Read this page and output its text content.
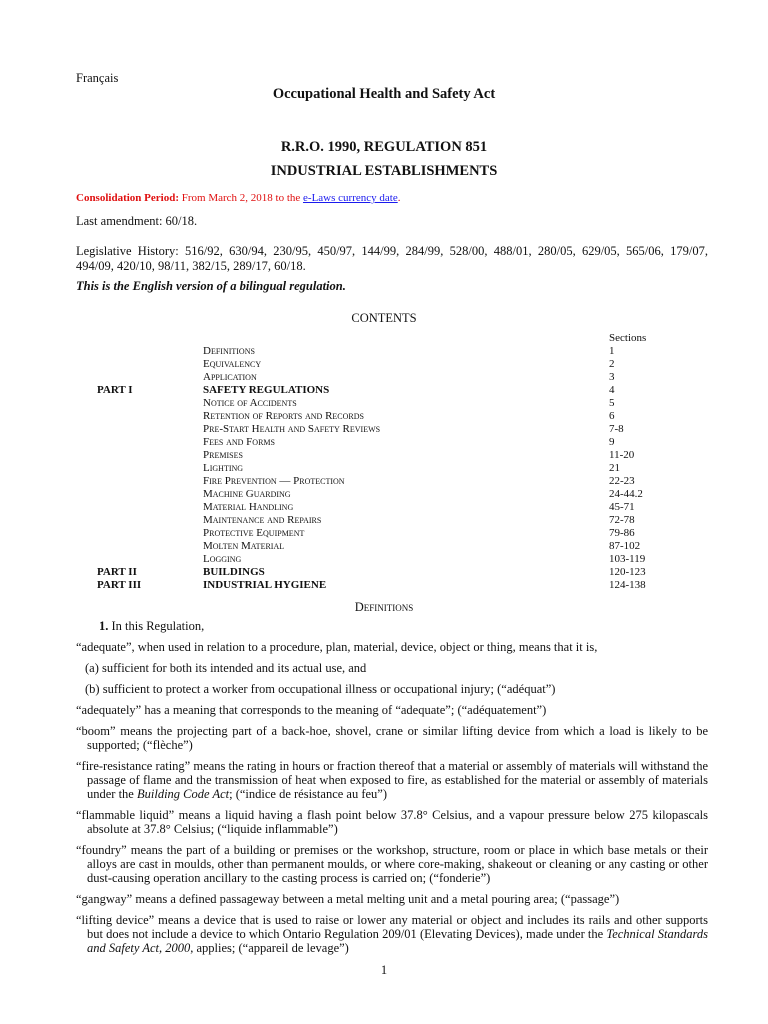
Français
Occupational Health and Safety Act
R.R.O. 1990, REGULATION 851
INDUSTRIAL ESTABLISHMENTS
Consolidation Period: From March 2, 2018 to the e-Laws currency date.
Last amendment: 60/18.
Legislative History: 516/92, 630/94, 230/95, 450/97, 144/99, 284/99, 528/00, 488/01, 280/05, 629/05, 565/06, 179/07, 494/09, 420/10, 98/11, 382/15, 289/17, 60/18.
This is the English version of a bilingual regulation.
CONTENTS
Sections
Definitions	1
Equivalency	2
Application	3
PART I	SAFETY REGULATIONS	4
Notice of Accidents	5
Retention of Reports and Records	6
Pre-Start Health and Safety Reviews	7-8
Fees and Forms	9
Premises	11-20
Lighting	21
Fire Prevention — Protection	22-23
Machine Guarding	24-44.2
Material Handling	45-71
Maintenance and Repairs	72-78
Protective Equipment	79-86
Molten Material	87-102
Logging	103-119
PART II	BUILDINGS	120-123
PART III	INDUSTRIAL HYGIENE	124-138
Definitions

1. In this Regulation,

“adequate”, when used in relation to a procedure, plan, material, device, object or thing, means that it is,

(a) sufficient for both its intended and its actual use, and

(b) sufficient to protect a worker from occupational illness or occupational injury; (“adéquat”)

“adequately” has a meaning that corresponds to the meaning of “adequate”; (“adéquatement”)

“boom” means the projecting part of a back-hoe, shovel, crane or similar lifting device from which a load is likely to be supported; (“flèche”)

“fire-resistance rating” means the rating in hours or fraction thereof that a material or assembly of materials will withstand the passage of flame and the transmission of heat when exposed to fire, as established for the material or assembly of materials under the Building Code Act; (“indice de résistance au feu”)

“flammable liquid” means a liquid having a flash point below 37.8° Celsius, and a vapour pressure below 275 kilopascals absolute at 37.8° Celsius; (“liquide inflammable”)

“foundry” means the part of a building or premises or the workshop, structure, room or place in which base metals or their alloys are cast in moulds, other than permanent moulds, or where core-making, shakeout or cleaning or any casting or other dust-causing operation ancillary to the casting process is carried on; (“fonderie”)

“gangway” means a defined passageway between a metal melting unit and a metal pouring area; (“passage”)

“lifting device” means a device that is used to raise or lower any material or object and includes its rails and other supports but does not include a device to which Ontario Regulation 209/01 (Elevating Devices), made under the Technical Standards and Safety Act, 2000, applies; (“appareil de levage”)

1
